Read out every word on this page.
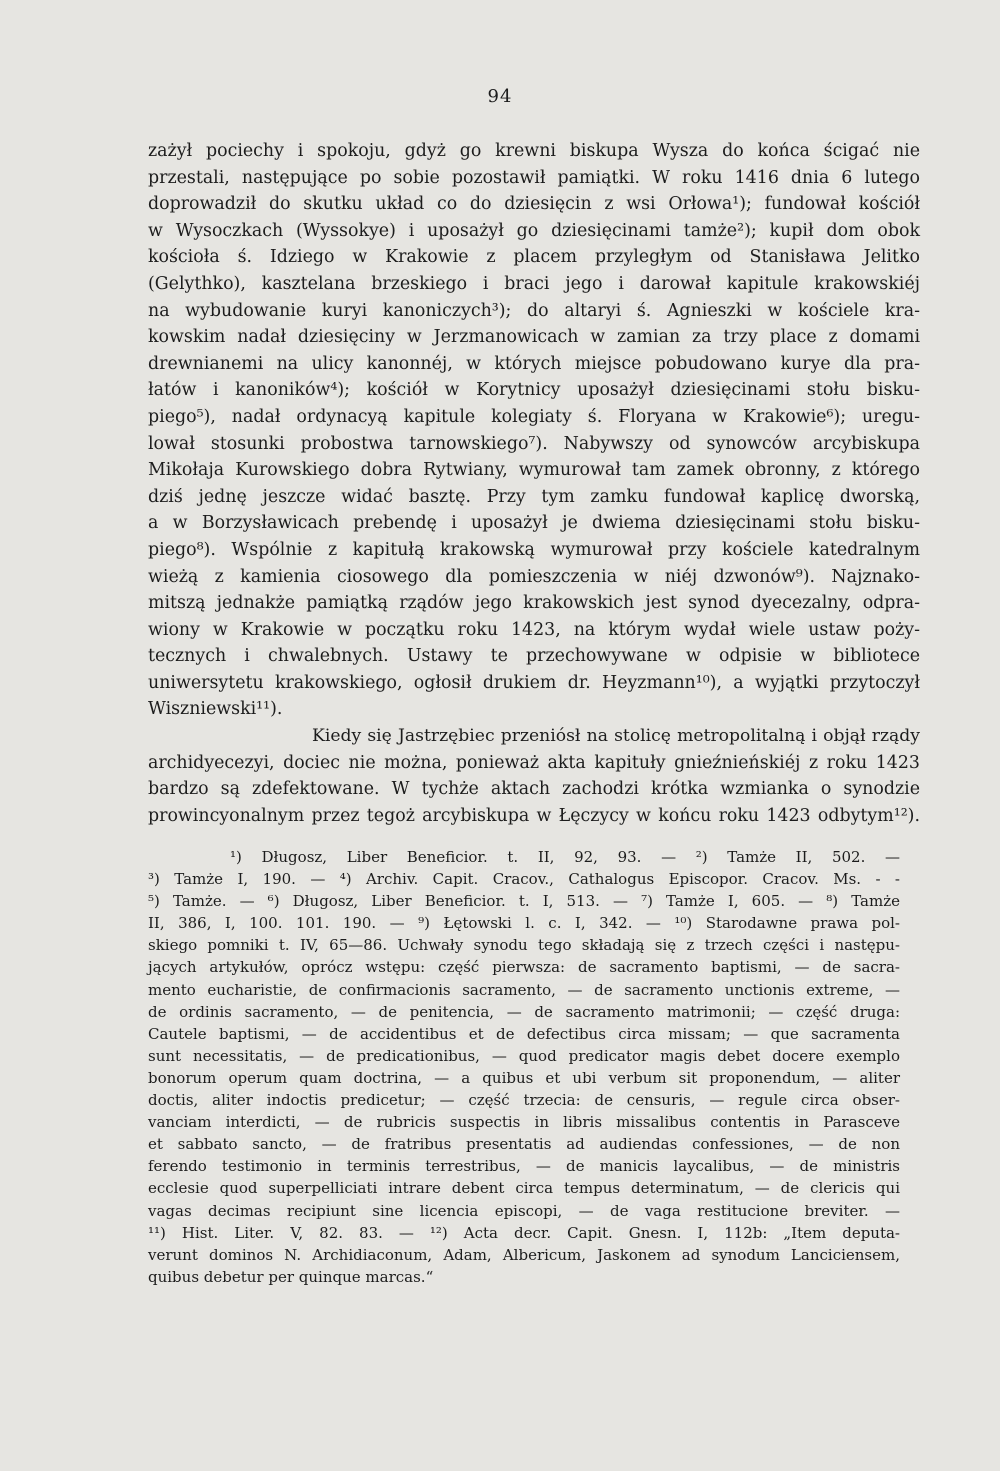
94
zażył pociechy i spokoju, gdyż go krewni biskupa Wysza do końca ścigać nie
przestali, następujące po sobie pozostawił pamiątki. W roku 1416 dnia 6 lutego
doprowadził do skutku układ co do dziesięcin z wsi Orłowa¹); fundował kościół
w Wysoczkach (Wyssokye) i uposażył go dziesięcinami tamże²); kupił dom obok
kościoła ś. Idziego w Krakowie z placem przyległym od Stanisława Jelitko
(Gelythko), kasztelana brzeskiego i braci jego i darował kapitule krakowskiéj
na wybudowanie kuryi kanoniczych³); do altaryi ś. Agnieszki w kościele kra-
kowskim nadał dziesięciny w Jerzmanowicach w zamian za trzy place z domami
drewnianemi na ulicy kanonnéj, w których miejsce pobudowano kurye dla pra-
łatów i kanoników⁴); kościół w Korytnicy uposażył dziesięcinami stołu bisku-
piego⁵), nadał ordynacyą kapitule kolegiaty ś. Floryana w Krakowie⁶); uregu-
lował stosunki probostwa tarnowskiego⁷). Nabywszy od synowców arcybiskupa
Mikołaja Kurowskiego dobra Rytwiany, wymurował tam zamek obronny, z którego
dziś jednę jeszcze widać basztę. Przy tym zamku fundował kaplicę dworską,
a w Borzysławicach prebendę i uposażył je dwiema dziesięcinami stołu bisku-
piego⁸). Wspólnie z kapitułą krakowską wymurował przy kościele katedralnym
wieżą z kamienia ciosowego dla pomieszczenia w niéj dzwonów⁹). Najznako-
mitszą jednakże pamiątką rządów jego krakowskich jest synod dyecezalny, odpra-
wiony w Krakowie w początku roku 1423, na którym wydał wiele ustaw poży-
tecznych i chwalebnych. Ustawy te przechowywane w odpisie w bibliotece
uniwersytetu krakowskiego, ogłosił drukiem dr. Heyzmann¹⁰), a wyjątki przytoczył
Wiszniewski¹¹).
Kiedy się Jastrzębiec przeniósł na stolicę metropolitalną i objął rządy
archidyecezyi, dociec nie można, ponieważ akta kapituły gnieźnieńskiéj z roku 1423
bardzo są zdefektowane. W tychże aktach zachodzi krótka wzmianka o synodzie
prowincyonalnym przez tegoż arcybiskupa w Łęczycy w końcu roku 1423 odbytym¹²).
¹) Długosz, Liber Beneficior. t. II, 92, 93. — ²) Tamże II, 502. —
³) Tamże I, 190. — ⁴) Archiv. Capit. Cracov., Cathalogus Episcopor. Cracov. Ms. - -
⁵) Tamże. — ⁶) Długosz, Liber Beneficior. t. I, 513. — ⁷) Tamże I, 605. — ⁸) Tamże
II, 386, I, 100. 101. 190. — ⁹) Łętowski l. c. I, 342. — ¹⁰) Starodawne prawa pol-
skiego pomniki t. IV, 65—86. Uchwały synodu tego składają się z trzech części i następu-
jących artykułów, oprócz wstępu: część pierwsza: de sacramento baptismi, — de sacra-
mento eucharistie, de confirmacionis sacramento, — de sacramento unctionis extreme, —
de ordinis sacramento, — de penitencia, — de sacramento matrimonii; — część druga:
Cautele baptismi, — de accidentibus et de defectibus circa missam; — que sacramenta
sunt necessitatis, — de predicationibus, — quod predicator magis debet docere exemplo
bonorum operum quam doctrina, — a quibus et ubi verbum sit proponendum, — aliter
doctis, aliter indoctis predicetur; — część trzecia: de censuris, — regule circa obser-
vanciam interdicti, — de rubricis suspectis in libris missalibus contentis in Parasceve
et sabbato sancto, — de fratribus presentatis ad audiendas confessiones, — de non
ferendo testimonio in terminis terrestribus, — de manicis laycalibus, — de ministris
ecclesie quod superpelliciati intrare debent circa tempus determinatum, — de clericis qui
vagas decimas recipiunt sine licencia episcopi, — de vaga restitucione breviter. —
¹¹) Hist. Liter. V, 82. 83. — ¹²) Acta decr. Capit. Gnesn. I, 112b: „Item deputa-
verunt dominos N. Archidiaconum, Adam, Albericum, Jaskonem ad synodum Lanciciensem,
quibus debetur per quinque marcas.“
